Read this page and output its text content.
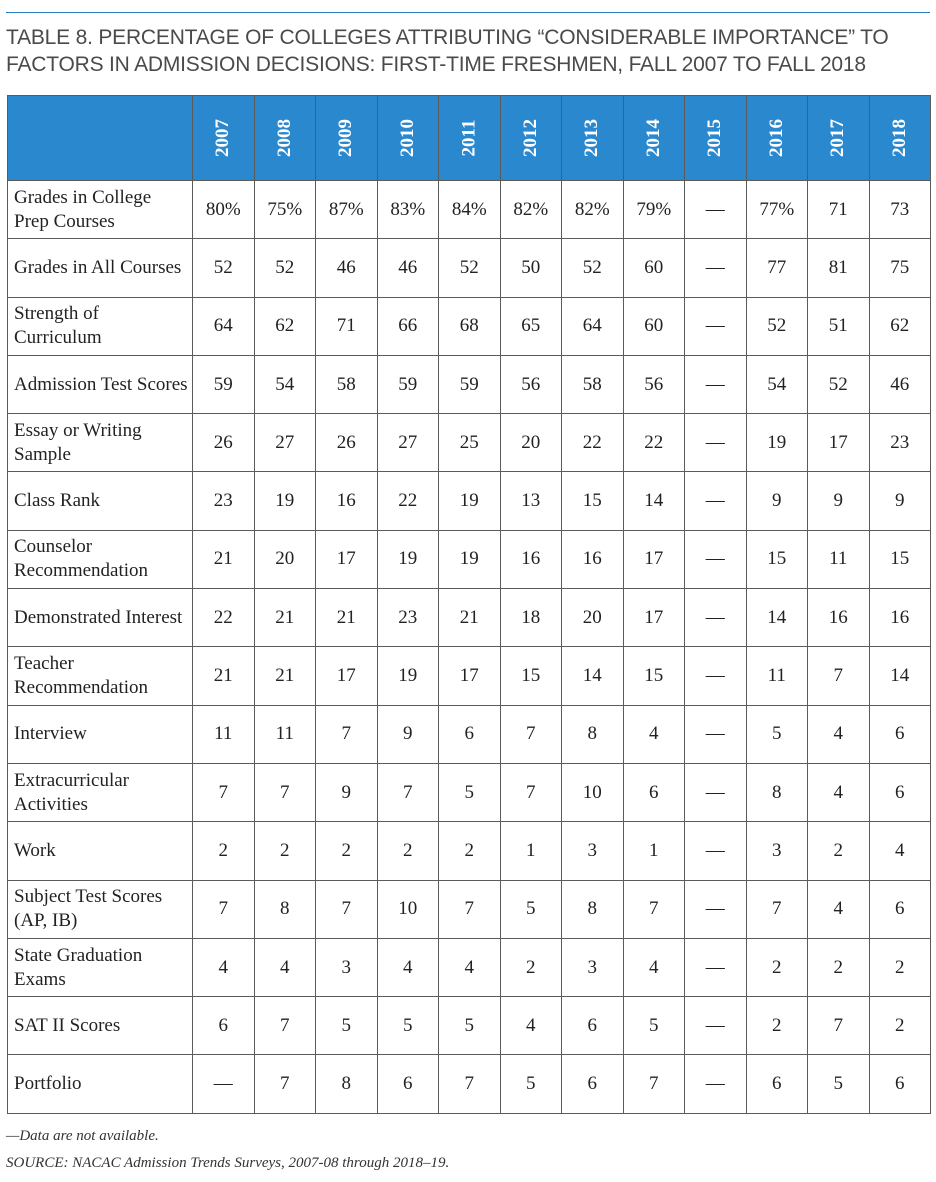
TABLE 8. PERCENTAGE OF COLLEGES ATTRIBUTING “CONSIDERABLE IMPORTANCE” TO
FACTORS IN ADMISSION DECISIONS: FIRST-TIME FRESHMEN, FALL 2007 TO FALL 2018
	2007	2008	2009	2010	2011	2012	2013	2014	2015	2016	2017	2018
Grades in College Prep Courses	80%	75%	87%	83%	84%	82%	82%	79%	—	77%	71	73
Grades in All Courses	52	52	46	46	52	50	52	60	—	77	81	75
Strength of Curriculum	64	62	71	66	68	65	64	60	—	52	51	62
Admission Test Scores	59	54	58	59	59	56	58	56	—	54	52	46
Essay or Writing Sample	26	27	26	27	25	20	22	22	—	19	17	23
Class Rank	23	19	16	22	19	13	15	14	—	9	9	9
Counselor Recommendation	21	20	17	19	19	16	16	17	—	15	11	15
Demonstrated Interest	22	21	21	23	21	18	20	17	—	14	16	16
Teacher Recommendation	21	21	17	19	17	15	14	15	—	11	7	14
Interview	11	11	7	9	6	7	8	4	—	5	4	6
Extracurricular Activities	7	7	9	7	5	7	10	6	—	8	4	6
Work	2	2	2	2	2	1	3	1	—	3	2	4
Subject Test Scores (AP, IB)	7	8	7	10	7	5	8	7	—	7	4	6
State Graduation Exams	4	4	3	4	4	2	3	4	—	2	2	2
SAT II Scores	6	7	5	5	5	4	6	5	—	2	7	2
Portfolio	—	7	8	6	7	5	6	7	—	6	5	6

—Data are not available.

SOURCE: NACAC Admission Trends Surveys, 2007-08 through 2018–19.
